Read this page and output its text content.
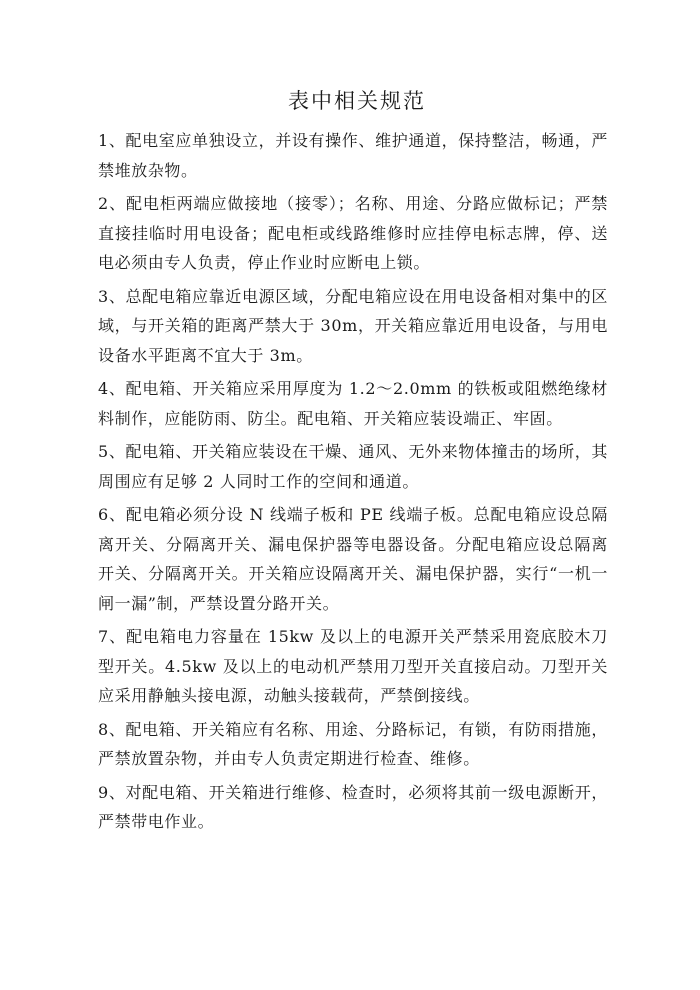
表中相关规范
1、配电室应单独设立，并设有操作、维护通道，保持整洁，畅通，严禁堆放杂物。
2、配电柜两端应做接地（接零）；名称、用途、分路应做标记；严禁直接挂临时用电设备；配电柜或线路维修时应挂停电标志牌，停、送电必须由专人负责，停止作业时应断电上锁。
3、总配电箱应靠近电源区域，分配电箱应设在用电设备相对集中的区域，与开关箱的距离严禁大于 30m，开关箱应靠近用电设备，与用电设备水平距离不宜大于 3m。
4、配电箱、开关箱应采用厚度为 1.2～2.0mm 的铁板或阻燃绝缘材料制作，应能防雨、防尘。配电箱、开关箱应装设端正、牢固。
5、配电箱、开关箱应装设在干燥、通风、无外来物体撞击的场所，其周围应有足够 2 人同时工作的空间和通道。
6、配电箱必须分设 N 线端子板和 PE 线端子板。总配电箱应设总隔离开关、分隔离开关、漏电保护器等电器设备。分配电箱应设总隔离开关、分隔离开关。开关箱应设隔离开关、漏电保护器，实行“一机一闸一漏”制，严禁设置分路开关。
7、配电箱电力容量在 15kw 及以上的电源开关严禁采用瓷底胶木刀型开关。4.5kw 及以上的电动机严禁用刀型开关直接启动。刀型开关应采用静触头接电源，动触头接载荷，严禁倒接线。
8、配电箱、开关箱应有名称、用途、分路标记，有锁，有防雨措施，严禁放置杂物，并由专人负责定期进行检查、维修。
9、对配电箱、开关箱进行维修、检查时，必须将其前一级电源断开，严禁带电作业。
